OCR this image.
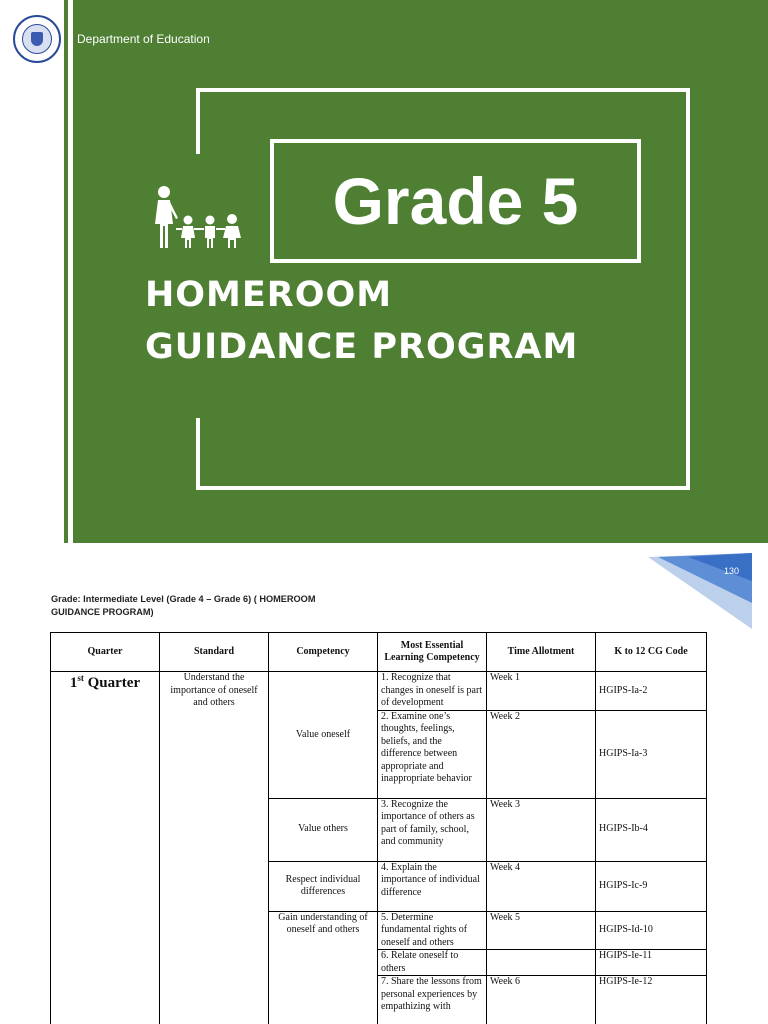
Department of Education
Grade 5
HOMEROOM
GUIDANCE PROGRAM
130
Grade: Intermediate Level (Grade 4 – Grade 6) ( HOMEROOM
GUIDANCE PROGRAM)
Quarter	Standard	Competency	Most Essential Learning Competency	Time Allotment	K to 12 CG Code
1st Quarter	Understand the importance of oneself and others	Value oneself	1. Recognize that changes in oneself is part of development	Week 1	HGIPS-Ia-2
			2. Examine one’s thoughts, feelings, beliefs, and the difference between appropriate and inappropriate behavior	Week 2	HGIPS-Ia-3
		Value others	3. Recognize the importance of others as part of family, school, and community	Week 3	HGIPS-Ib-4
		Respect individual differences	4. Explain the importance of individual difference	Week 4	HGIPS-Ic-9
		Gain understanding of oneself and others	5. Determine fundamental rights of oneself and others	Week 5	HGIPS-Id-10
			6. Relate oneself to others		HGIPS-Ie-11
			7. Share the lessons from personal experiences by empathizing with	Week 6	HGIPS-Ie-12
